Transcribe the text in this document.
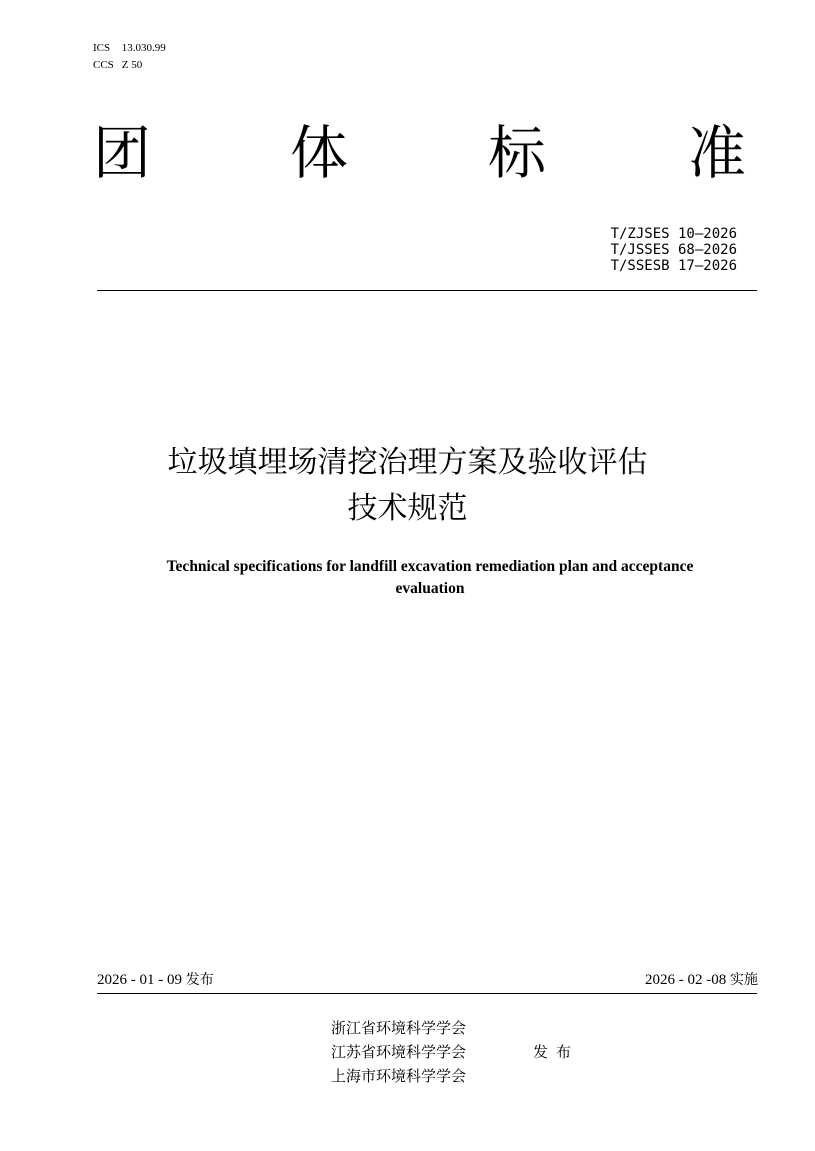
ICS 13.030.99
CCS Z 50
团 体 标 准
T/ZJSES 10—2026
T/JSSES 68—2026
T/SSESB 17—2026
垃圾填埋场清挖治理方案及验收评估
技术规范
Technical specifications for landfill excavation remediation plan and acceptance
evaluation
2026 - 01 - 09 发布	2026 - 02 -08 实施
浙江省环境科学学会
江苏省环境科学学会
上海市环境科学学会
发布
